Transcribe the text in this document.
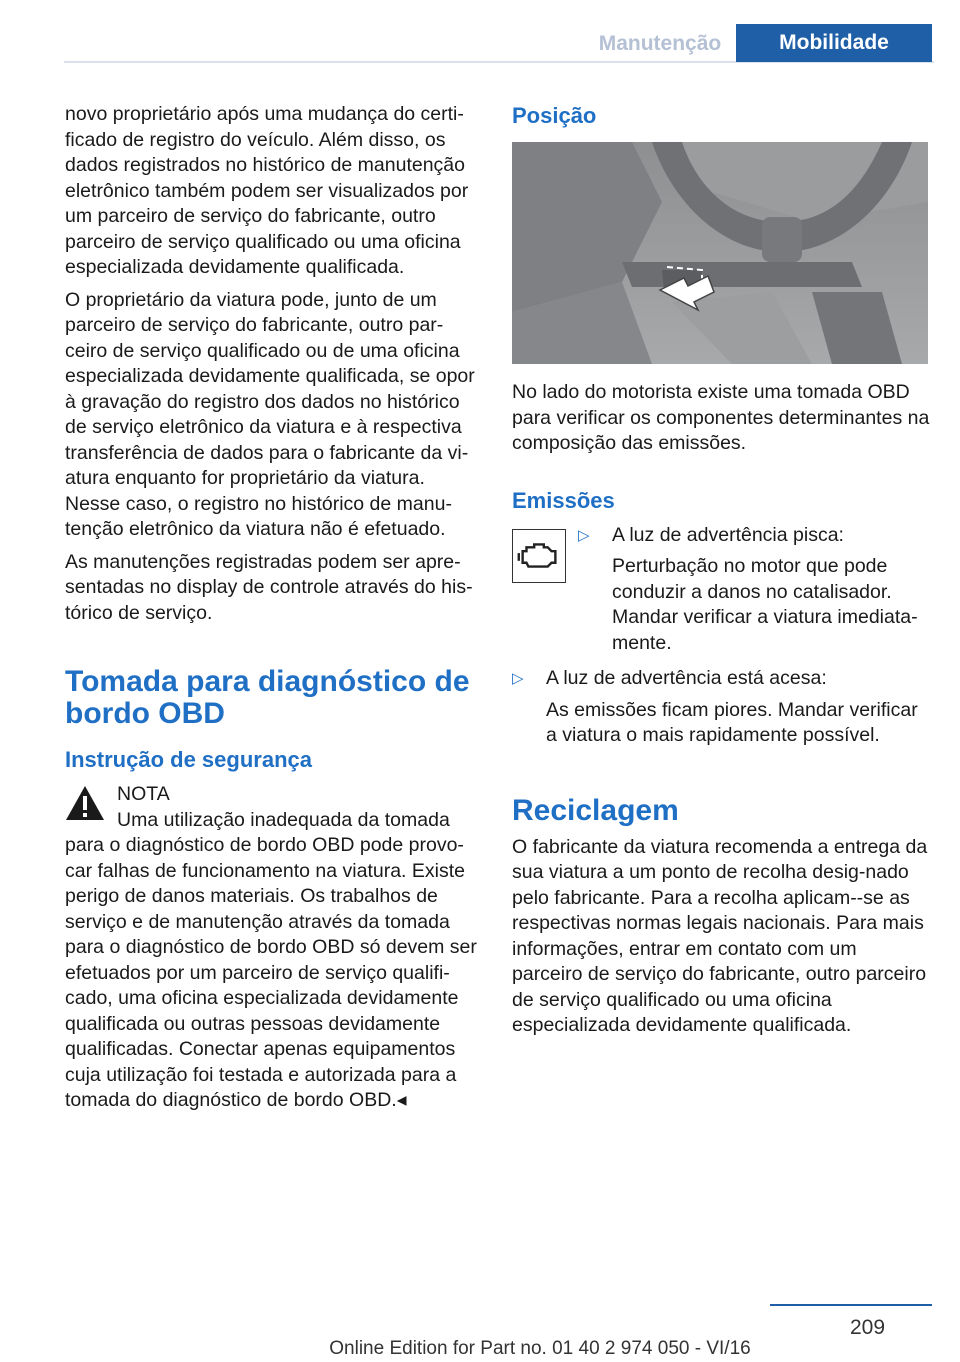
Manutenção	Mobilidade

novo proprietário após uma mudança do certi-ficado de registro do veículo. Além disso, os dados registrados no histórico de manutenção eletrônico também podem ser visualizados por um parceiro de serviço do fabricante, outro parceiro de serviço qualificado ou uma oficina especializada devidamente qualificada.

O proprietário da viatura pode, junto de um parceiro de serviço do fabricante, outro par-ceiro de serviço qualificado ou de uma oficina especializada devidamente qualificada, se opor à gravação do registro dos dados no histórico de serviço eletrônico da viatura e à respectiva transferência de dados para o fabricante da vi-atura enquanto for proprietário da viatura. Nesse caso, o registro no histórico de manu-tenção eletrônico da viatura não é efetuado.

As manutenções registradas podem ser apre-sentadas no display de controle através do his-tórico de serviço.

Tomada para diagnóstico de bordo OBD
Instrução de segurança
NOTA
Uma utilização inadequada da tomada para o diagnóstico de bordo OBD pode provo-car falhas de funcionamento na viatura. Existe perigo de danos materiais. Os trabalhos de serviço e de manutenção através da tomada para o diagnóstico de bordo OBD só devem ser efetuados por um parceiro de serviço qualifi-cado, uma oficina especializada devidamente qualificada ou outras pessoas devidamente qualificadas. Conectar apenas equipamentos cuja utilização foi testada e autorizada para a tomada do diagnóstico de bordo OBD.◂
Posição

No lado do motorista existe uma tomada OBD para verificar os componentes determinantes na composição das emissões.

Emissões
▷ A luz de advertência pisca:
Perturbação no motor que pode conduzir a danos no catalisador. Mandar verificar a viatura imediata-mente.
▷ A luz de advertência está acesa:
As emissões ficam piores. Mandar verificar a viatura o mais rapidamente possível.
Reciclagem

O fabricante da viatura recomenda a entrega da sua viatura a um ponto de recolha desig-nado pelo fabricante. Para a recolha aplicam--se as respectivas normas legais nacionais. Para mais informações, entrar em contato com um parceiro de serviço do fabricante, outro parceiro de serviço qualificado ou uma oficina especializada devidamente qualificada.

209
Online Edition for Part no. 01 40 2 974 050 - VI/16
